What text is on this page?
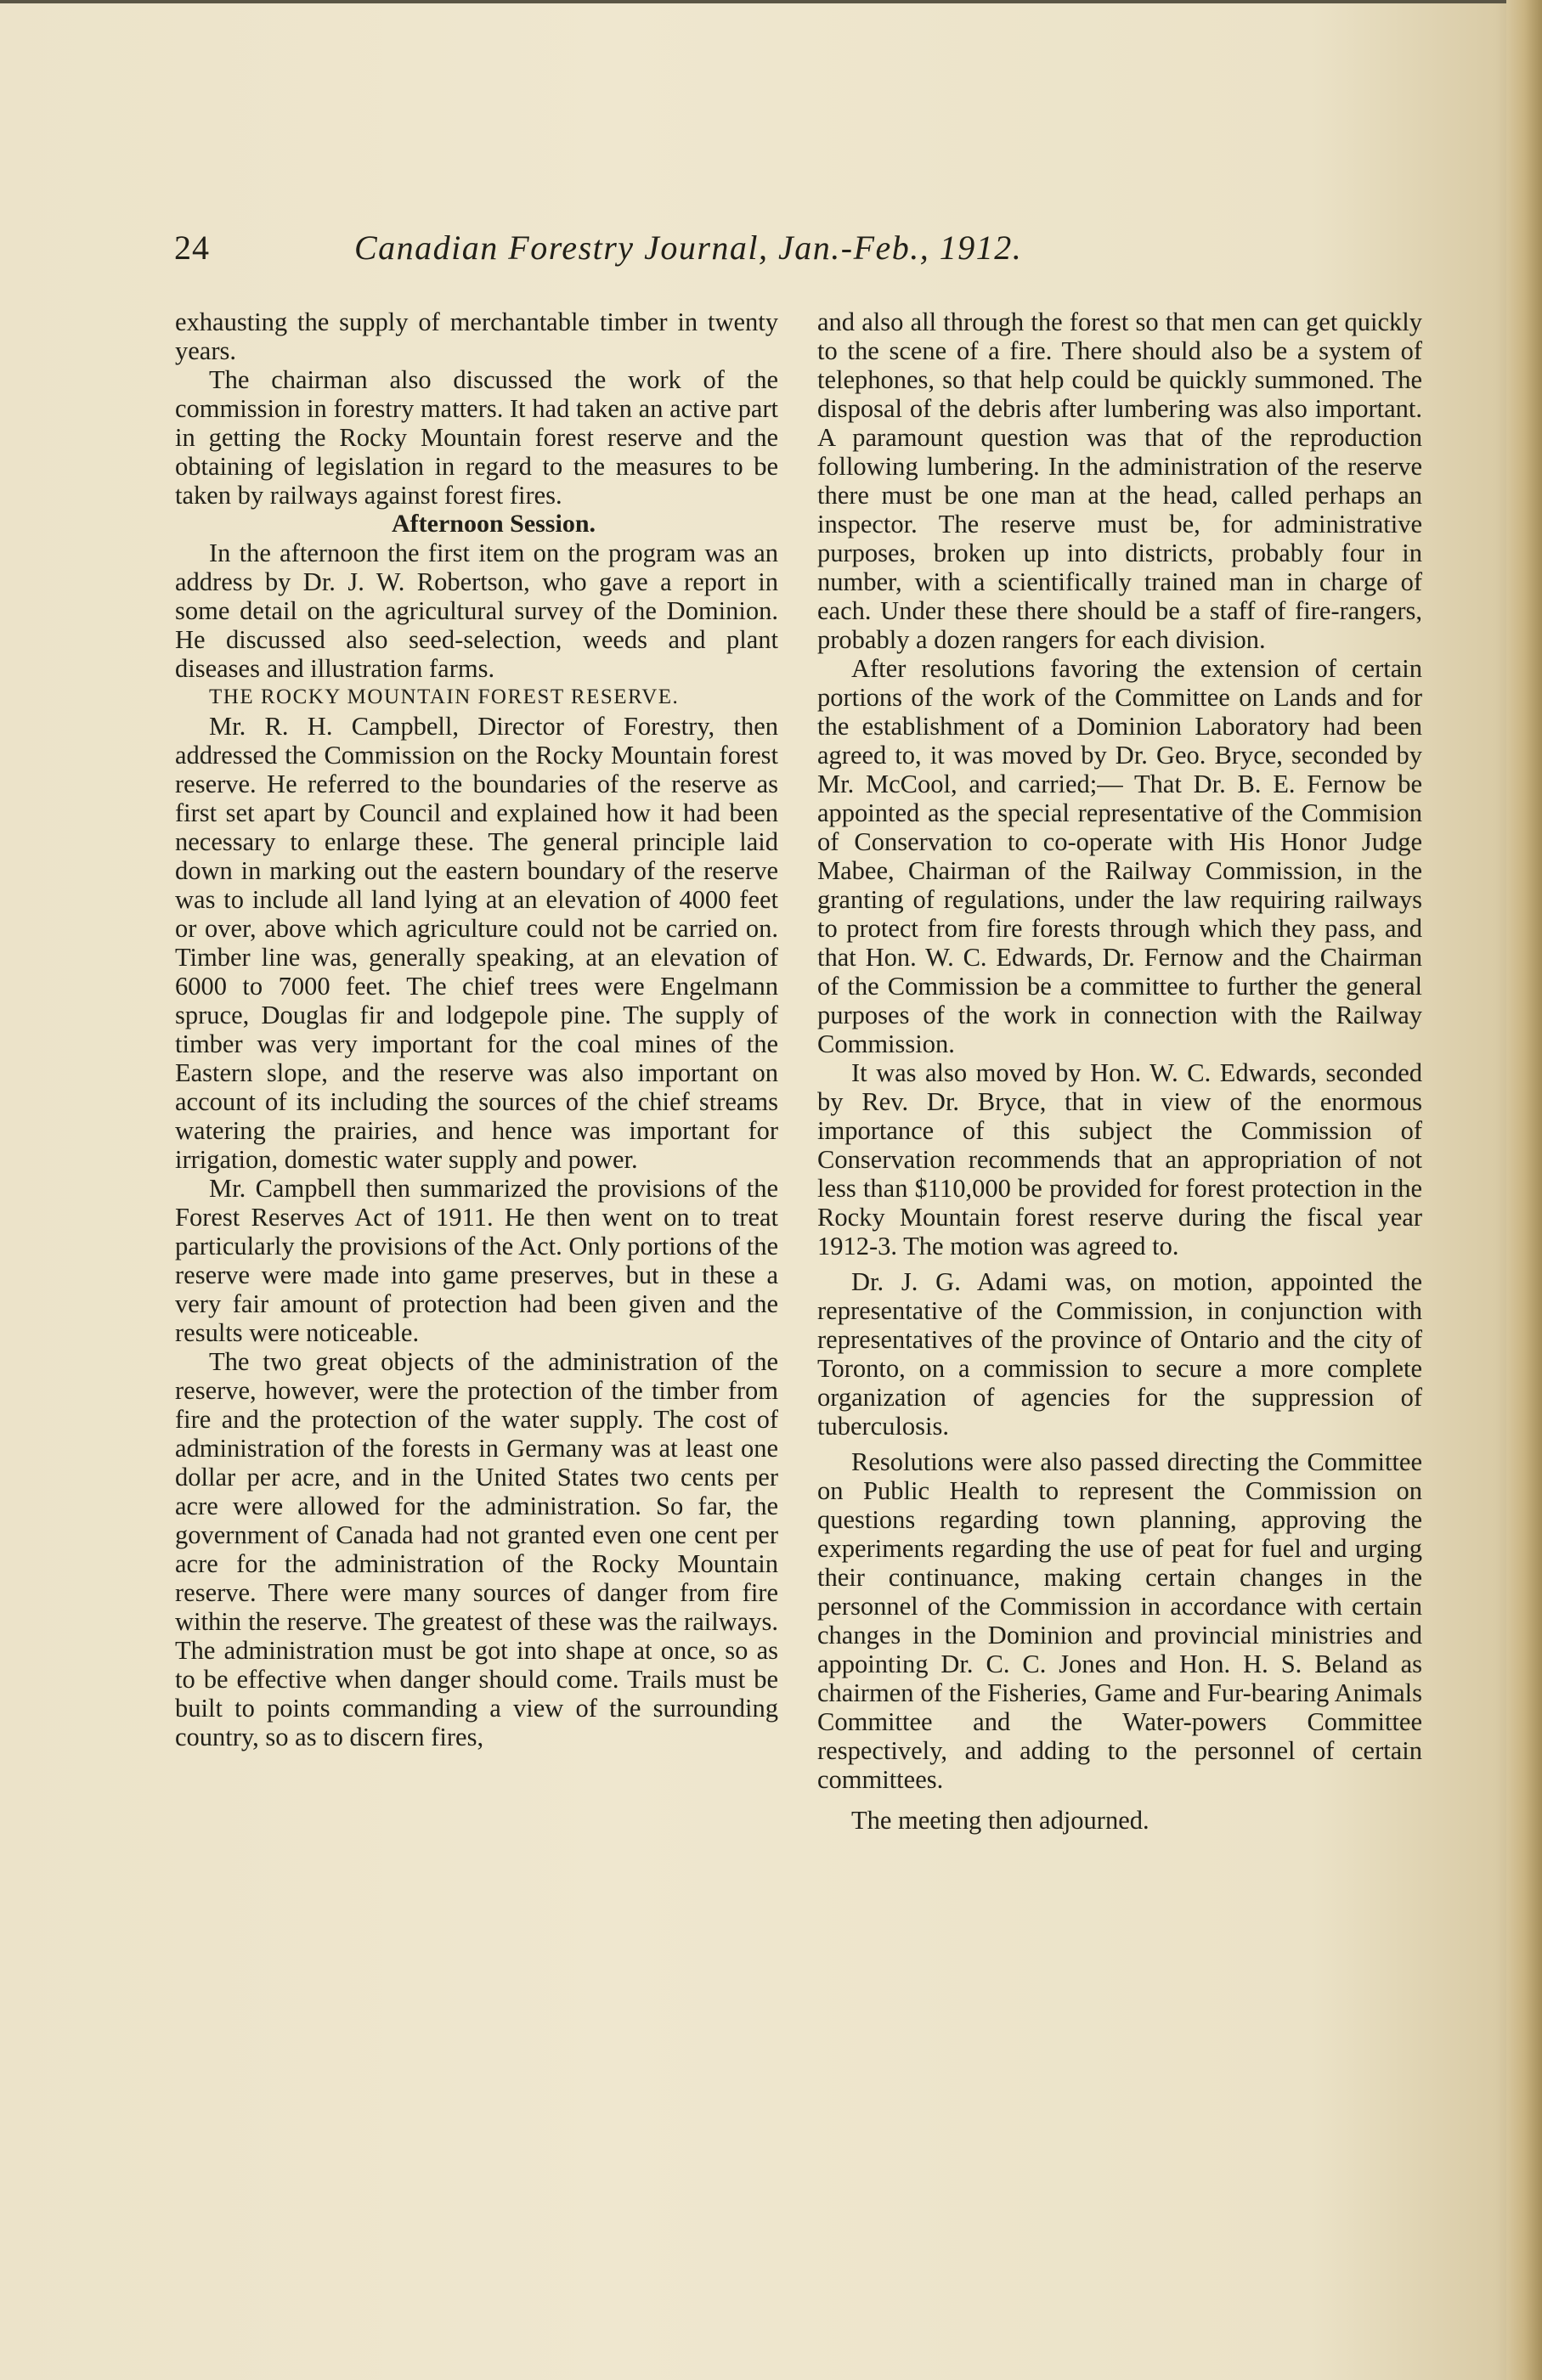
24	Canadian Forestry Journal, Jan.-Feb., 1912.

exhausting the supply of merchantable timber in twenty years.

The chairman also discussed the work of the commission in forestry matters. It had taken an active part in getting the Rocky Mountain forest reserve and the obtaining of legislation in regard to the measures to be taken by railways against forest fires.

Afternoon Session.

In the afternoon the first item on the program was an address by Dr. J. W. Robertson, who gave a report in some detail on the agricultural survey of the Dominion. He discussed also seed-selection, weeds and plant diseases and illustration farms.

THE ROCKY MOUNTAIN FOREST RESERVE.

Mr. R. H. Campbell, Director of Forestry, then addressed the Commission on the Rocky Mountain forest reserve. He referred to the boundaries of the reserve as first set apart by Council and explained how it had been necessary to enlarge these. The general principle laid down in marking out the eastern boundary of the reserve was to include all land lying at an elevation of 4000 feet or over, above which agriculture could not be carried on. Timber line was, generally speaking, at an elevation of 6000 to 7000 feet. The chief trees were Engelmann spruce, Douglas fir and lodgepole pine. The supply of timber was very important for the coal mines of the Eastern slope, and the reserve was also important on account of its including the sources of the chief streams watering the prairies, and hence was important for irrigation, domestic water supply and power.

Mr. Campbell then summarized the provisions of the Forest Reserves Act of 1911. He then went on to treat particularly the provisions of the Act. Only portions of the reserve were made into game preserves, but in these a very fair amount of protection had been given and the results were noticeable.

The two great objects of the administration of the reserve, however, were the protection of the timber from fire and the protection of the water supply. The cost of administration of the forests in Germany was at least one dollar per acre, and in the United States two cents per acre were allowed for the administration. So far, the government of Canada had not granted even one cent per acre for the administration of the Rocky Mountain reserve. There were many sources of danger from fire within the reserve. The greatest of these was the railways. The administration must be got into shape at once, so as to be effective when danger should come. Trails must be built to points commanding a view of the surrounding country, so as to discern fires,

and also all through the forest so that men can get quickly to the scene of a fire. There should also be a system of telephones, so that help could be quickly summoned. The disposal of the debris after lumbering was also important. A paramount question was that of the reproduction following lumbering. In the administration of the reserve there must be one man at the head, called perhaps an inspector. The reserve must be, for administrative purposes, broken up into districts, probably four in number, with a scientifically trained man in charge of each. Under these there should be a staff of fire-rangers, probably a dozen rangers for each division.

After resolutions favoring the extension of certain portions of the work of the Committee on Lands and for the establishment of a Dominion Laboratory had been agreed to, it was moved by Dr. Geo. Bryce, seconded by Mr. McCool, and carried;— That Dr. B. E. Fernow be appointed as the special representative of the Commision of Conservation to co-operate with His Honor Judge Mabee, Chairman of the Railway Commission, in the granting of regulations, under the law requiring railways to protect from fire forests through which they pass, and that Hon. W. C. Edwards, Dr. Fernow and the Chairman of the Commission be a committee to further the general purposes of the work in connection with the Railway Commission.

It was also moved by Hon. W. C. Edwards, seconded by Rev. Dr. Bryce, that in view of the enormous importance of this subject the Commission of Conservation recommends that an appropriation of not less than $110,000 be provided for forest protection in the Rocky Mountain forest reserve during the fiscal year 1912-3. The motion was agreed to.

Dr. J. G. Adami was, on motion, appointed the representative of the Commission, in conjunction with representatives of the province of Ontario and the city of Toronto, on a commission to secure a more complete organization of agencies for the suppression of tuberculosis.

Resolutions were also passed directing the Committee on Public Health to represent the Commission on questions regarding town planning, approving the experiments regarding the use of peat for fuel and urging their continuance, making certain changes in the personnel of the Commission in accordance with certain changes in the Dominion and provincial ministries and appointing Dr. C. C. Jones and Hon. H. S. Beland as chairmen of the Fisheries, Game and Fur-bearing Animals Committee and the Water-powers Committee respectively, and adding to the personnel of certain committees.

The meeting then adjourned.
